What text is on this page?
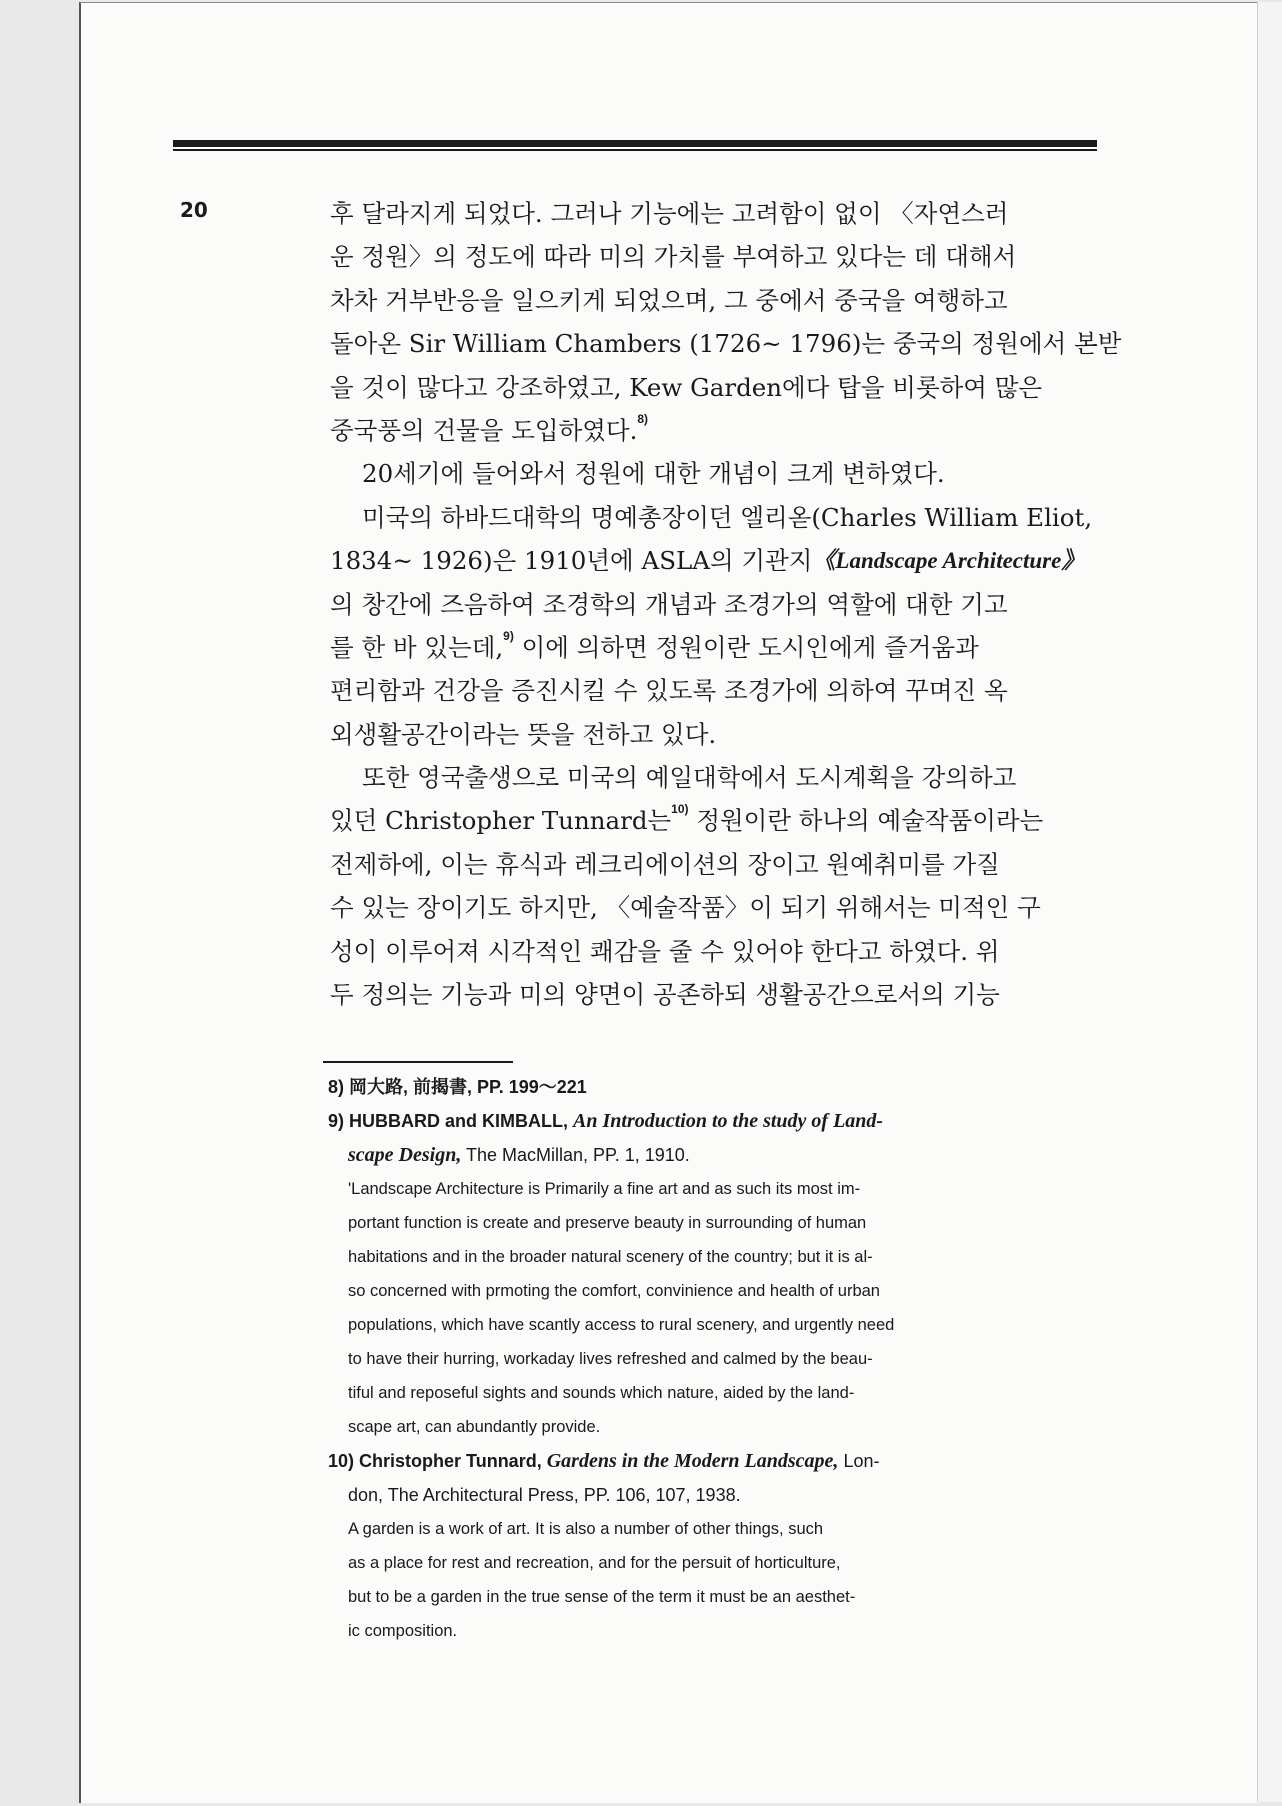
20	후 달라지게 되었다. 그러나 기능에는 고려함이 없이 〈자연스러
운 정원〉의 정도에 따라 미의 가치를 부여하고 있다는 데 대해서
차차 거부반응을 일으키게 되었으며, 그 중에서 중국을 여행하고
돌아온 Sir William Chambers (1726~ 1796)는 중국의 정원에서 본받
을 것이 많다고 강조하였고, Kew Garden에다 탑을 비롯하여 많은
중국풍의 건물을 도입하였다. 8)
20세기에 들어와서 정원에 대한 개념이 크게 변하였다.
미국의 하바드대학의 명예총장이던 엘리옫(Charles William Eliot,
1834~ 1926)은 1910년에 ASLA의 기관지 《Landscape Architecture》
의 창간에 즈음하여 조경학의 개념과 조경가의 역할에 대한 기고
를 한 바 있는데, 9)
이에 의하면 정원이란 도시인에게 즐거움과
편리함과 건강을 증진시킬 수 있도록 조경가에 의하여 꾸며진 옥
외생활공간이라는 뜻을 전하고 있다.
또한 영국출생으로 미국의 예일대학에서 도시계획을 강의하고
있던 Christopher Tunnard는 10)
정원이란 하나의 예술작품이라는
전제하에, 이는 휴식과 레크리에이션의 장이고 원예취미를 가질
수 있는 장이기도 하지만, 〈예술작품〉이 되기 위해서는 미적인 구
성이 이루어져 시각적인 쾌감을 줄 수 있어야 한다고 하였다. 위
두 정의는 기능과 미의 양면이 공존하되 생활공간으로서의 기능
8) 岡大路, 前揭書, PP. 199～221
9) HUBBARD and KIMBALL, An Introduction to the study of Land-
scape Design, The MacMillan, PP. 1, 1910.
'Landscape Architecture is Primarily a fine art and as such its most im-
portant function is create and preserve beauty in surrounding of human
habitations and in the broader natural scenery of the country; but it is al-
so concerned with prmoting the comfort, convinience and health of urban
populations, which have scantly access to rural scenery, and urgently need
to have their hurring, workaday lives refreshed and calmed by the beau-
tiful and reposeful sights and sounds which nature, aided by the land-
scape art, can abundantly provide.
10) Christopher Tunnard, Gardens in the Modern Landscape, Lon-
don, The Architectural Press, PP. 106, 107, 1938.
A garden is a work of art. It is also a number of other things, such
as a place for rest and recreation, and for the persuit of horticulture,
but to be a garden in the true sense of the term it must be an aesthet-
ic composition.
